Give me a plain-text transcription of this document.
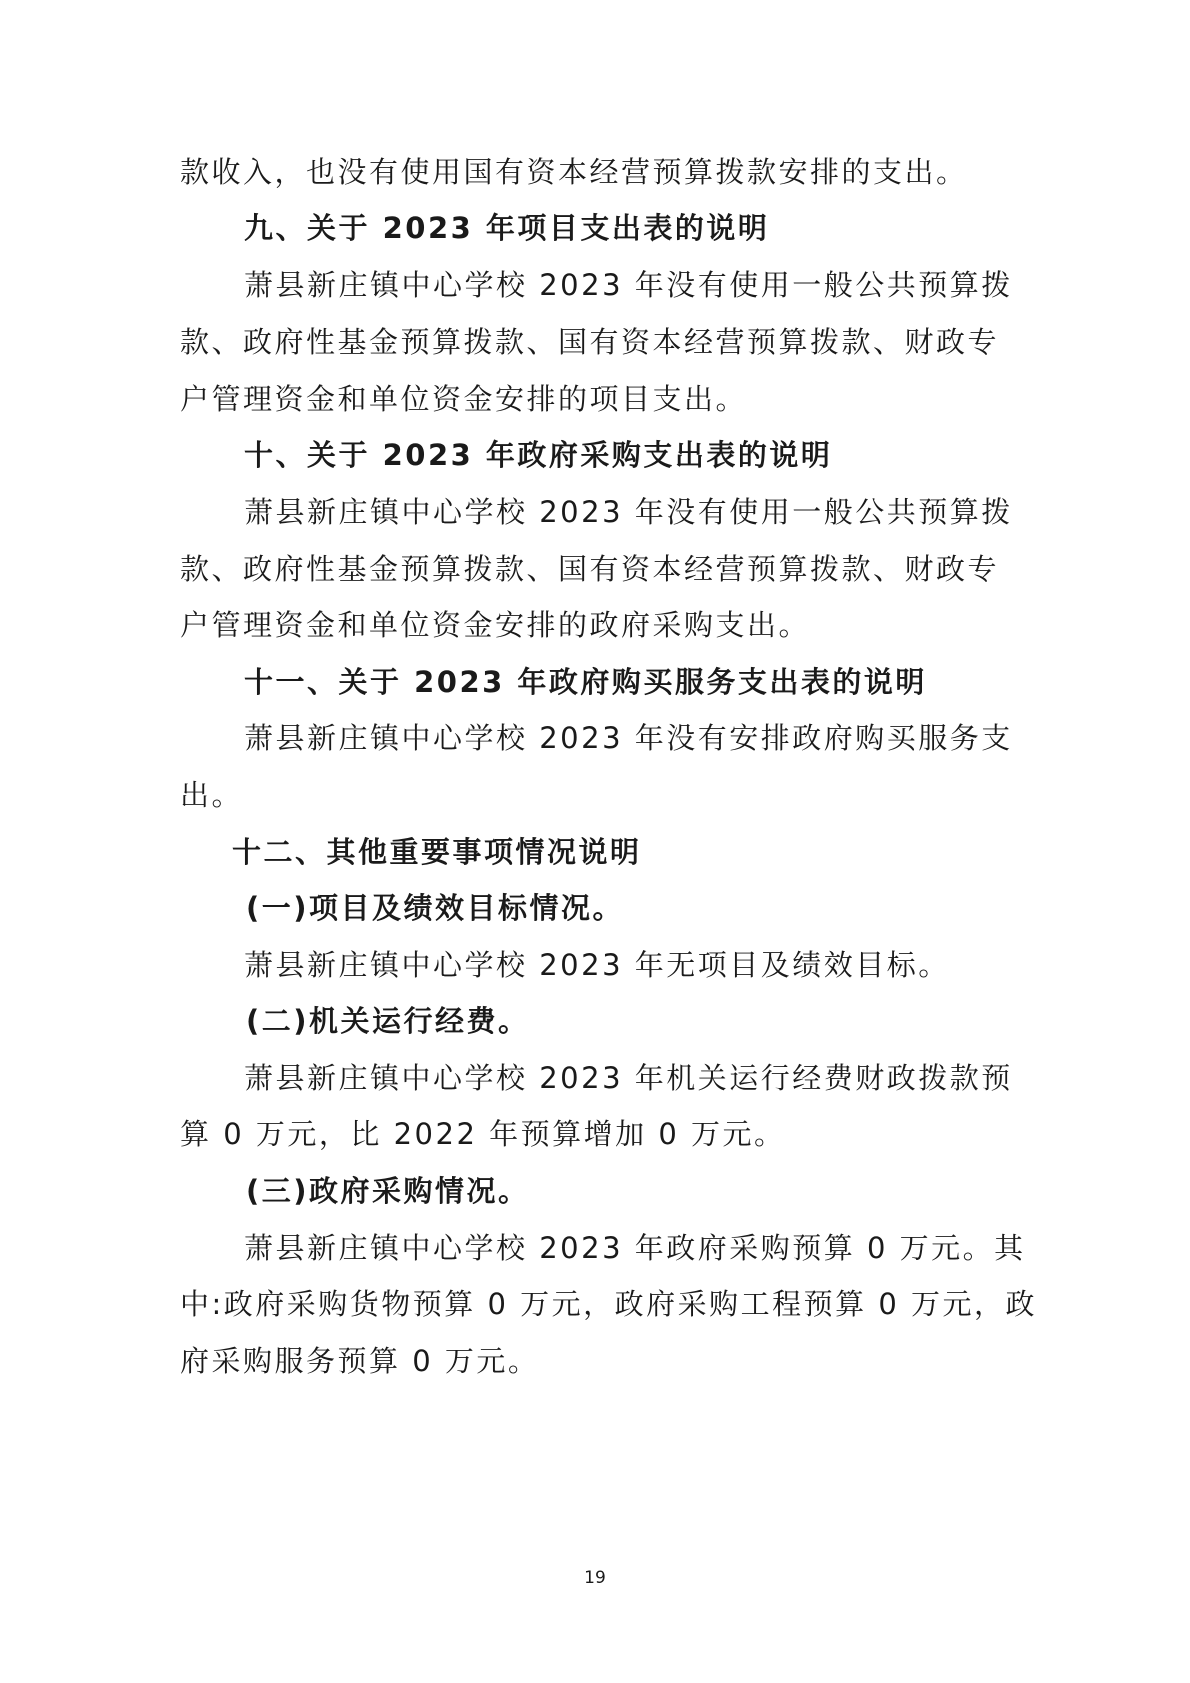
款收入，也没有使用国有资本经营预算拨款安排的支出。
九、关于 2023 年项目支出表的说明
萧县新庄镇中心学校 2023 年没有使用一般公共预算拨
款、政府性基金预算拨款、国有资本经营预算拨款、财政专
户管理资金和单位资金安排的项目支出。
十、关于 2023 年政府采购支出表的说明
萧县新庄镇中心学校 2023 年没有使用一般公共预算拨
款、政府性基金预算拨款、国有资本经营预算拨款、财政专
户管理资金和单位资金安排的政府采购支出。
十一、关于 2023 年政府购买服务支出表的说明
萧县新庄镇中心学校 2023 年没有安排政府购买服务支
出。
十二、其他重要事项情况说明
(一)项目及绩效目标情况。
萧县新庄镇中心学校 2023 年无项目及绩效目标。
(二)机关运行经费。
萧县新庄镇中心学校 2023 年机关运行经费财政拨款预
算 0 万元，比 2022 年预算增加 0 万元。
(三)政府采购情况。
萧县新庄镇中心学校 2023 年政府采购预算 0 万元。其
中:政府采购货物预算 0 万元，政府采购工程预算 0 万元，政
府采购服务预算 0 万元。
19
